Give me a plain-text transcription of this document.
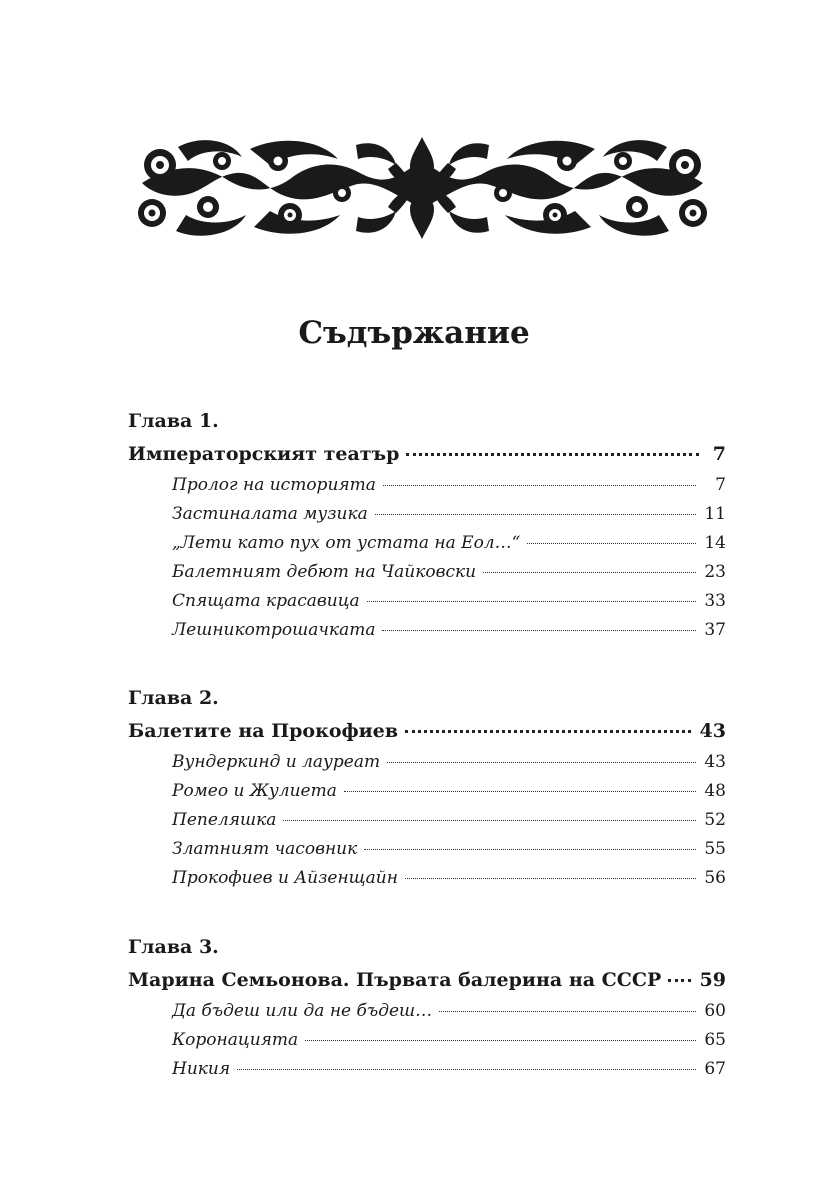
Съдържание
Глава 1.
Императорският театър	7
Пролог на историята	7
Застиналата музика	11
„Лети като пух от устата на Еол…“	14
Балетният дебют на Чайковски	23
Спящата красавица	33
Лешникотрошачката	37
Глава 2.
Балетите на Прокофиев	43
Вундеркинд и лауреат	43
Ромео и Жулиета	48
Пепеляшка	52
Златният часовник	55
Прокофиев и Айзенщайн	56
Глава 3.
Марина Семьонова. Първата балерина на СССР 59
Да бъдеш или да не бъдеш…	60
Коронацията	65
Никия	67
